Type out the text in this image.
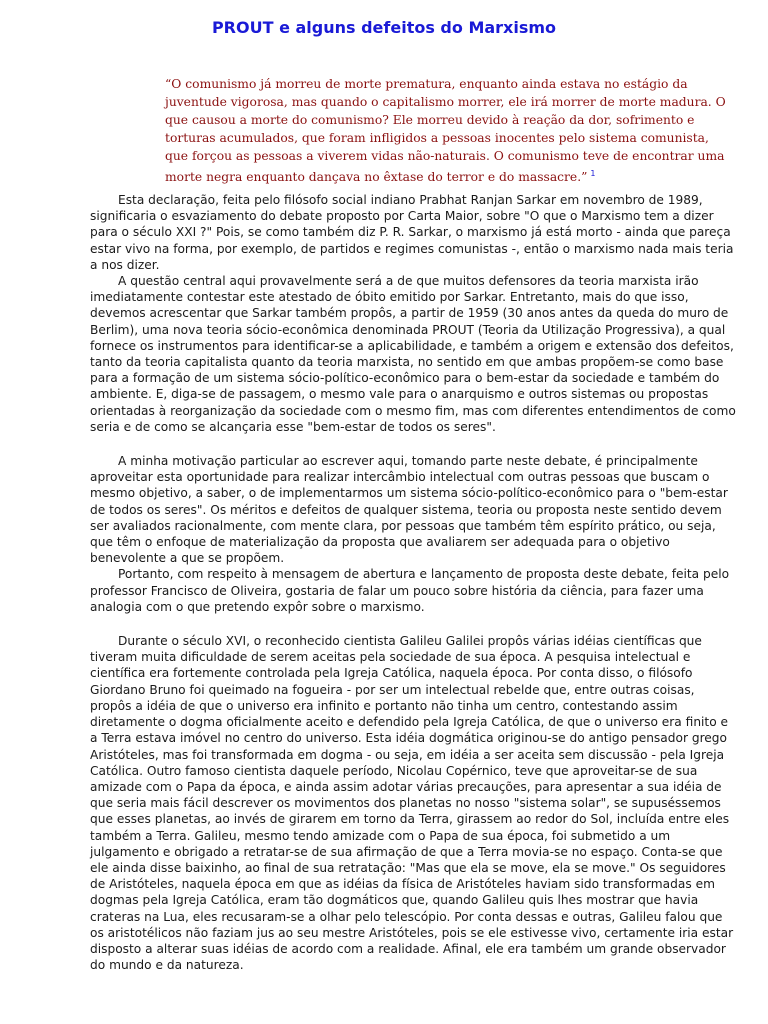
PROUT e alguns defeitos do Marxismo

“O comunismo já morreu de morte prematura, enquanto ainda estava no estágio da juventude vigorosa, mas quando o capitalismo morrer, ele irá morrer de morte madura. O que causou a morte do comunismo? Ele morreu devido à reação da dor, sofrimento e torturas acumulados, que foram infligidos a pessoas inocentes pelo sistema comunista, que forçou as pessoas a viverem vidas não-naturais. O comunismo teve de encontrar uma morte negra enquanto dançava no êxtase do terror e do massacre.” $^1$

Esta declaração, feita pelo filósofo social indiano Prabhat Ranjan Sarkar em novembro de 1989, significaria o esvaziamento do debate proposto por Carta Maior, sobre "O que o Marxismo tem a dizer para o século XXI ?" Pois, se como também diz P. R. Sarkar, o marxismo já está morto - ainda que pareça estar vivo na forma, por exemplo, de partidos e regimes comunistas -, então o marxismo nada mais teria a nos dizer.

A questão central aqui provavelmente será a de que muitos defensores da teoria marxista irão imediatamente contestar este atestado de óbito emitido por Sarkar. Entretanto, mais do que isso, devemos acrescentar que Sarkar também propôs, a partir de 1959 (30 anos antes da queda do muro de Berlim), uma nova teoria sócio-econômica denominada PROUT (Teoria da Utilização Progressiva), a qual fornece os instrumentos para identificar-se a aplicabilidade, e também a origem e extensão dos defeitos, tanto da teoria capitalista quanto da teoria marxista, no sentido em que ambas propõem-se como base para a formação de um sistema sócio-político-econômico para o bem-estar da sociedade e também do ambiente. E, diga-se de passagem, o mesmo vale para o anarquismo e outros sistemas ou propostas orientadas à reorganização da sociedade com o mesmo fim, mas com diferentes entendimentos de como seria e de como se alcançaria esse "bem-estar de todos os seres".

A minha motivação particular ao escrever aqui, tomando parte neste debate, é principalmente aproveitar esta oportunidade para realizar intercâmbio intelectual com outras pessoas que buscam o mesmo objetivo, a saber, o de implementarmos um sistema sócio-político-econômico para o "bem-estar de todos os seres". Os méritos e defeitos de qualquer sistema, teoria ou proposta neste sentido devem ser avaliados racionalmente, com mente clara, por pessoas que também têm espírito prático, ou seja, que têm o enfoque de materialização da proposta que avaliarem ser adequada para o objetivo benevolente a que se propõem.

Portanto, com respeito à mensagem de abertura e lançamento de proposta deste debate, feita pelo professor Francisco de Oliveira, gostaria de falar um pouco sobre história da ciência, para fazer uma analogia com o que pretendo expôr sobre o marxismo.

Durante o século XVI, o reconhecido cientista Galileu Galilei propôs várias idéias científicas que tiveram muita dificuldade de serem aceitas pela sociedade de sua época. A pesquisa intelectual e científica era fortemente controlada pela Igreja Católica, naquela época. Por conta disso, o filósofo Giordano Bruno foi queimado na fogueira - por ser um intelectual rebelde que, entre outras coisas, propôs a idéia de que o universo era infinito e portanto não tinha um centro, contestando assim diretamente o dogma oficialmente aceito e defendido pela Igreja Católica, de que o universo era finito e a Terra estava imóvel no centro do universo. Esta idéia dogmática originou-se do antigo pensador grego Aristóteles, mas foi transformada em dogma - ou seja, em idéia a ser aceita sem discussão - pela Igreja Católica. Outro famoso cientista daquele período, Nicolau Copérnico, teve que aproveitar-se de sua amizade com o Papa da época, e ainda assim adotar várias precauções, para apresentar a sua idéia de que seria mais fácil descrever os movimentos dos planetas no nosso "sistema solar", se supuséssemos que esses planetas, ao invés de girarem em torno da Terra, girassem ao redor do Sol, incluída entre eles também a Terra. Galileu, mesmo tendo amizade com o Papa de sua época, foi submetido a um julgamento e obrigado a retratar-se de sua afirmação de que a Terra movia-se no espaço. Conta-se que ele ainda disse baixinho, ao final de sua retratação: "Mas que ela se move, ela se move." Os seguidores de Aristóteles, naquela época em que as idéias da física de Aristóteles haviam sido transformadas em dogmas pela Igreja Católica, eram tão dogmáticos que, quando Galileu quis lhes mostrar que havia crateras na Lua, eles recusaram-se a olhar pelo telescópio. Por conta dessas e outras, Galileu falou que os aristotélicos não faziam jus ao seu mestre Aristóteles, pois se ele estivesse vivo, certamente iria estar disposto a alterar suas idéias de acordo com a realidade. Afinal, ele era também um grande observador do mundo e da natureza.
